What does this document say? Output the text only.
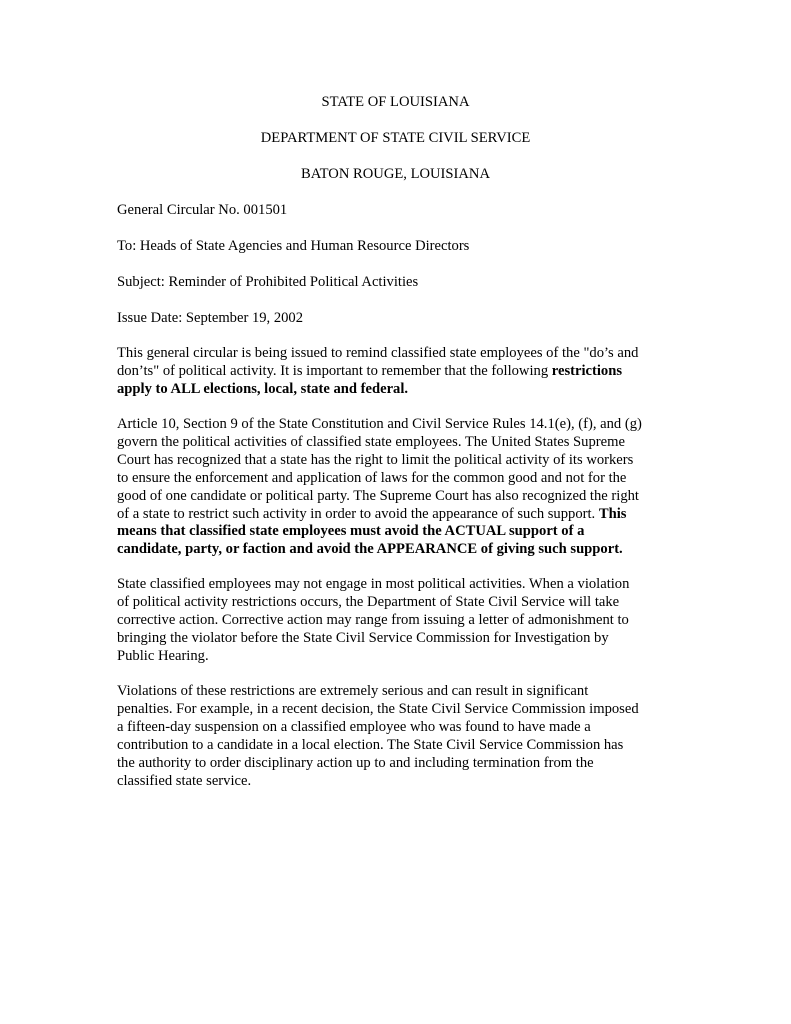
STATE OF LOUISIANA
DEPARTMENT OF STATE CIVIL SERVICE
BATON ROUGE, LOUISIANA
General Circular No. 001501
To: Heads of State Agencies and Human Resource Directors
Subject: Reminder of Prohibited Political Activities
Issue Date: September 19, 2002
This general circular is being issued to remind classified state employees of the "do’s and
don’ts" of political activity. It is important to remember that the following restrictions
apply to ALL elections, local, state and federal.
Article 10, Section 9 of the State Constitution and Civil Service Rules 14.1(e), (f), and (g)
govern the political activities of classified state employees. The United States Supreme
Court has recognized that a state has the right to limit the political activity of its workers
to ensure the enforcement and application of laws for the common good and not for the
good of one candidate or political party. The Supreme Court has also recognized the right
of a state to restrict such activity in order to avoid the appearance of such support. This
means that classified state employees must avoid the ACTUAL support of a
candidate, party, or faction and avoid the APPEARANCE of giving such support.
State classified employees may not engage in most political activities. When a violation
of political activity restrictions occurs, the Department of State Civil Service will take
corrective action. Corrective action may range from issuing a letter of admonishment to
bringing the violator before the State Civil Service Commission for Investigation by
Public Hearing.
Violations of these restrictions are extremely serious and can result in significant
penalties. For example, in a recent decision, the State Civil Service Commission imposed
a fifteen-day suspension on a classified employee who was found to have made a
contribution to a candidate in a local election. The State Civil Service Commission has
the authority to order disciplinary action up to and including termination from the
classified state service.
